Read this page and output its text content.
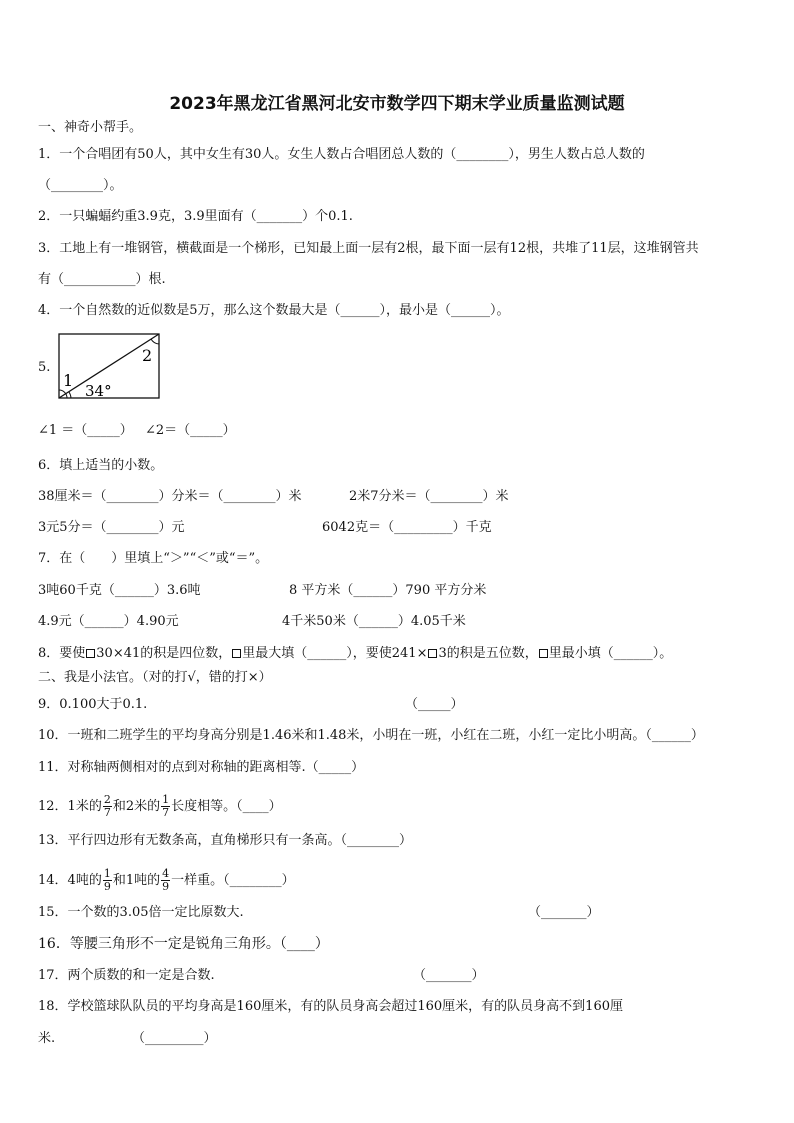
2023年黑龙江省黑河北安市数学四下期末学业质量监测试题
一、神奇小帮手。
1．一个合唱团有50人，其中女生有30人。女生人数占合唱团总人数的（________），男生人数占总人数的
（________）。
2．一只蝙蝠约重3.9克，3.9里面有（_______）个0.1.
3．工地上有一堆钢管，横截面是一个梯形，已知最上面一层有2根，最下面一层有12根，共堆了11层，这堆钢管共
有（___________）根.
4．一个自然数的近似数是5万，那么这个数最大是（______），最小是（______）。
5.
1
2
34°
∠1 ＝（_____） ∠2＝（_____）
6．填上适当的小数。
38厘米＝（________）分米＝（________）米	2米7分米＝（________）米
3元5分＝（________）元	6042克＝（_________）千克
7．在（　　）里填上“＞”“＜”或“＝”。
3吨60千克（______）3.6吨	8 平方米（______）790 平方分米
4.9元（______）4.90元	4千米50米（______）4.05千米
8．要使 30×41的积是四位数， 里最大填（______），要使241× 3的积是五位数， 里最小填（______）。
二、我是小法官。（对的打√，错的打×）
9．0.100大于0.1.	（_____）
10．一班和二班学生的平均身高分别是1.46米和1.48米，小明在一班，小红在二班，小红一定比小明高。（______）
11．对称轴两侧相对的点到对称轴的距离相等.（_____）
12．1米的 $\frac{2}{7}$ 和2米的 $\frac{1}{7}$ 长度相等。（____）
13．平行四边形有无数条高，直角梯形只有一条高。（________）
14．4吨的 $\frac{1}{9}$ 和1吨的 $\frac{4}{9}$ 一样重。（________）
15．一个数的3.05倍一定比原数大.	（_______）
16．等腰三角形不一定是锐角三角形。（____）
17．两个质数的和一定是合数.	（_______）
18．学校篮球队队员的平均身高是160厘米，有的队员身高会超过160厘米，有的队员身高不到160厘
米.	（_________）
